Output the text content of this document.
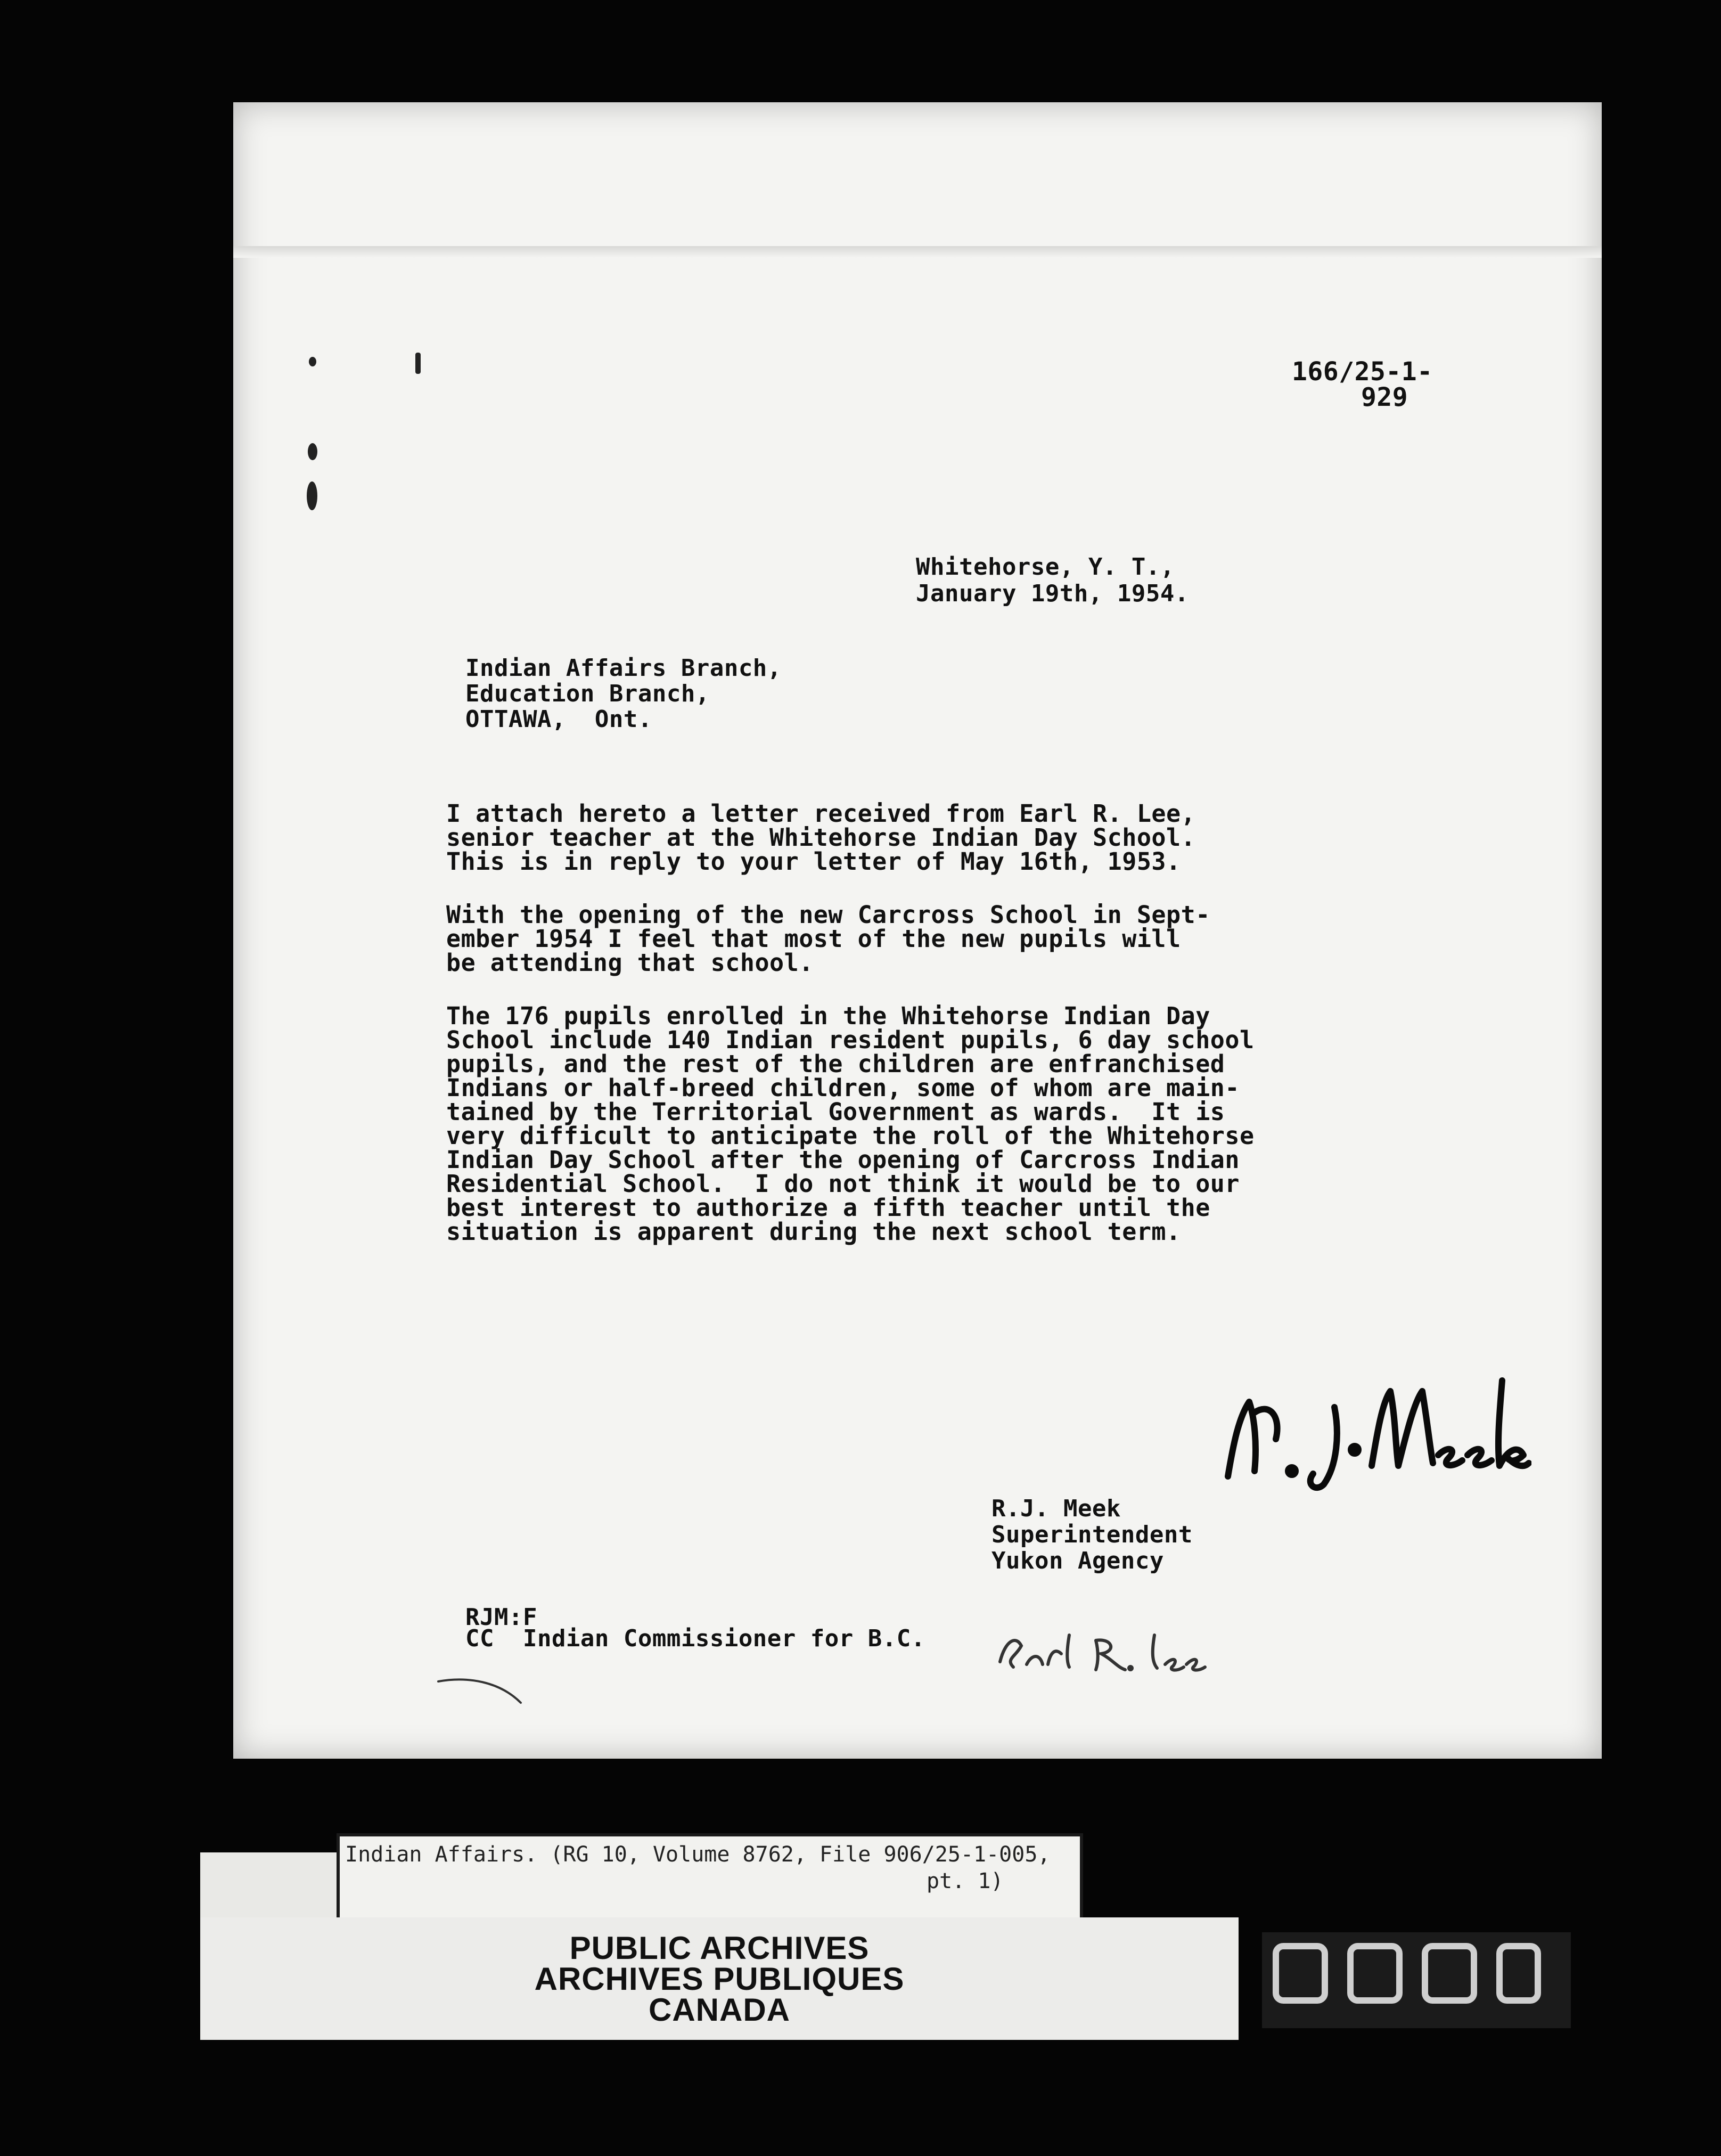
166/25-1-
929
Whitehorse, Y. T.,
January 19th, 1954.
Indian Affairs Branch,
Education Branch,
OTTAWA,  Ont.
I attach hereto a letter received from Earl R. Lee,
senior teacher at the Whitehorse Indian Day School.
This is in reply to your letter of May 16th, 1953.
With the opening of the new Carcross School in Sept-
ember 1954 I feel that most of the new pupils will
be attending that school.
The 176 pupils enrolled in the Whitehorse Indian Day
School include 140 Indian resident pupils, 6 day school
pupils, and the rest of the children are enfranchised
Indians or half-breed children, some of whom are main-
tained by the Territorial Government as wards.  It is
very difficult to anticipate the roll of the Whitehorse
Indian Day School after the opening of Carcross Indian
Residential School.  I do not think it would be to our
best interest to authorize a fifth teacher until the
situation is apparent during the next school term.
R.J. Meek
Superintendent
Yukon Agency
RJM:F
CC  Indian Commissioner for B.C.
Indian Affairs. (RG 10, Volume 8762, File 906/25-1-005,
pt. 1)
PUBLIC ARCHIVES
ARCHIVES PUBLIQUES
CANADA
